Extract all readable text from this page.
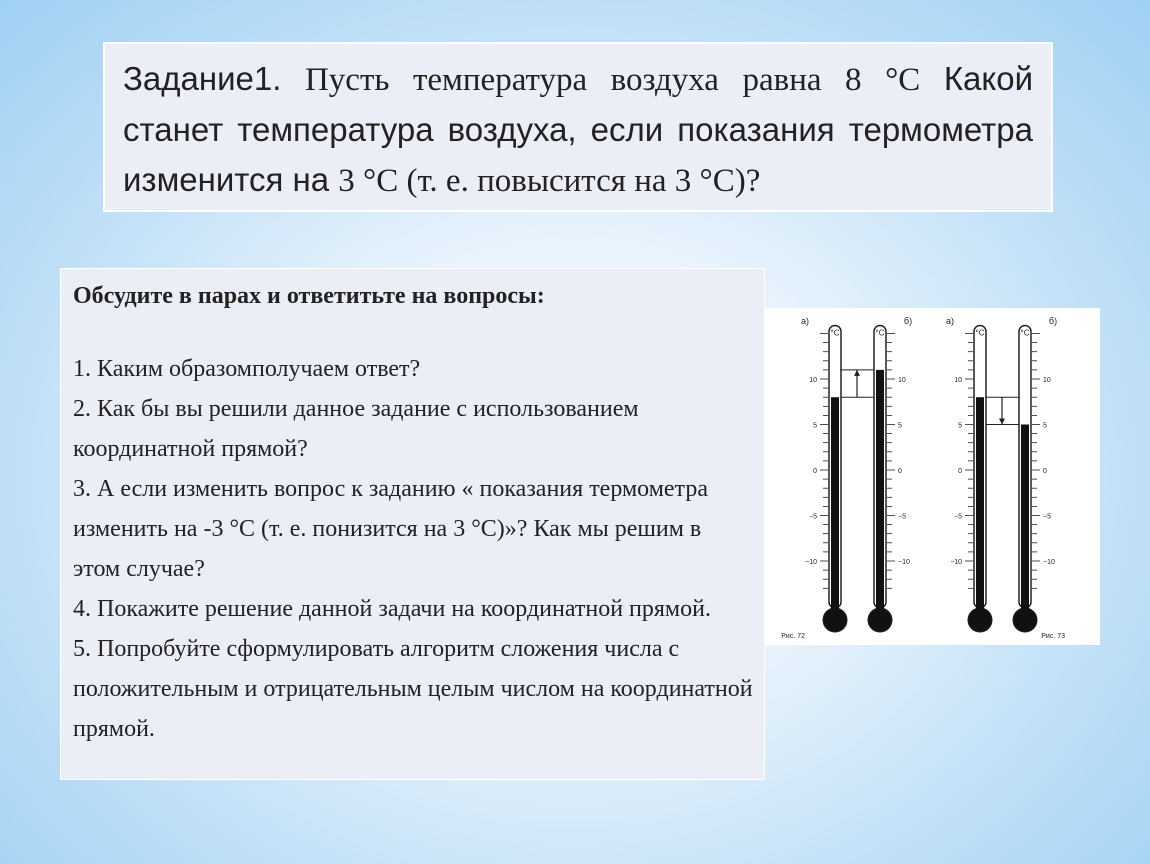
Задание1. Пусть температура воздуха равна 8 °С Какой станет температура воздуха, если показания термометра изменится на 3 °С (т. е. повысится на 3 °С)?
Обсудите в парах и ответитьте на вопросы:
1. Каким образомполучаем ответ?
2. Как бы вы решили данное задание с использованием координатной прямой?
3. А если изменить вопрос к заданию « показания термометра изменить на -3 °С (т. е. понизится на 3 °С)»? Как мы решим в этом случае?
4. Покажите решение данной задачи на координатной прямой.
5. Попробуйте сформулировать алгоритм сложения числа с положительным и отрицательным целым числом на координатной прямой.
°С
10
5
0
−5
−10
°С
10
5
0
−5
−10
а)	б)
Рис. 72
°С
10
5
0
−5
−10
°С
10
5
0
−5
−10
а)	б)
Рис. 73
